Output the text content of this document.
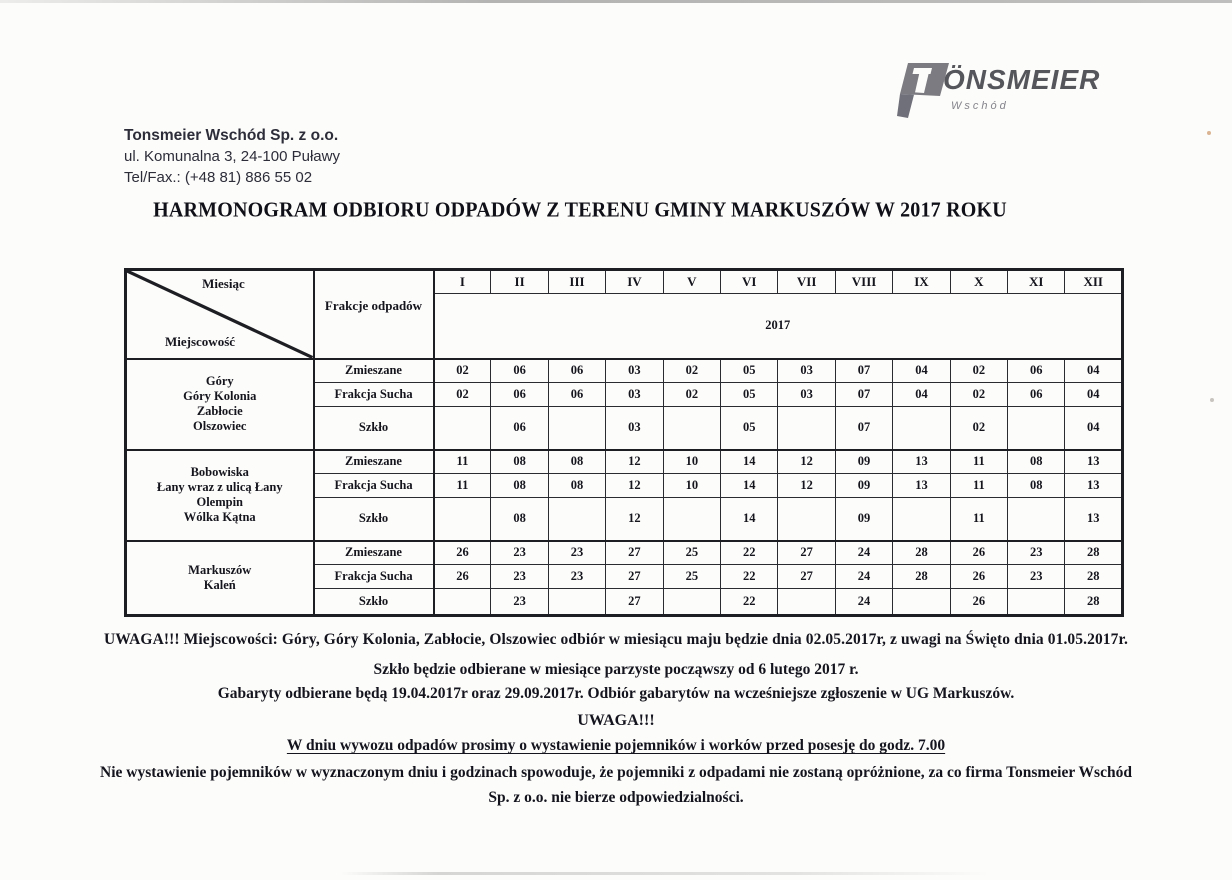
ÖNSMEIER
Wschód
Tonsmeier Wschód Sp. z o.o.
ul. Komunalna 3, 24-100 Puławy
Tel/Fax.: (+48 81) 886 55 02
HARMONOGRAM ODBIORU ODPADÓW Z TERENU GMINY MARKUSZÓW W 2017 ROKU
Miesiąc
Miejscowość	Frakcje odpadów	I	II	III	IV	V	VI	VII	VIII	IX	X	XI	XII
		2017											

Góry
Góry Kolonia
Zabłocie
Olszowiec	Zmieszane	02	06	06	03	02	05	03	07	04	02	06	04
	Frakcja Sucha	02	06	06	03	02	05	03	07	04	02	06	04
	Szkło		06		03		05		07		02		04

Bobowiska
Łany wraz z ulicą Łany
Olempin
Wólka Kątna	Zmieszane	11	08	08	12	10	14	12	09	13	11	08	13
	Frakcja Sucha	11	08	08	12	10	14	12	09	13	11	08	13
	Szkło		08		12		14		09		11		13

Markuszów
Kaleń	Zmieszane	26	23	23	27	25	22	27	24	28	26	23	28
	Frakcja Sucha	26	23	23	27	25	22	27	24	28	26	23	28
	Szkło		23		27		22		24		26		28
UWAGA!!! Miejscowości: Góry, Góry Kolonia, Zabłocie, Olszowiec odbiór w miesiącu maju będzie dnia 02.05.2017r, z uwagi na Święto dnia 01.05.2017r.
Szkło będzie odbierane w miesiące parzyste począwszy od 6 lutego 2017 r.
Gabaryty odbierane będą 19.04.2017r oraz 29.09.2017r. Odbiór gabarytów na wcześniejsze zgłoszenie w UG Markuszów.
UWAGA!!!
W dniu wywozu odpadów prosimy o wystawienie pojemników i worków przed posesję do godz. 7.00
Nie wystawienie pojemników w wyznaczonym dniu i godzinach spowoduje, że pojemniki z odpadami nie zostaną opróżnione, za co firma Tonsmeier Wschód Sp. z o.o. nie bierze odpowiedzialności.
